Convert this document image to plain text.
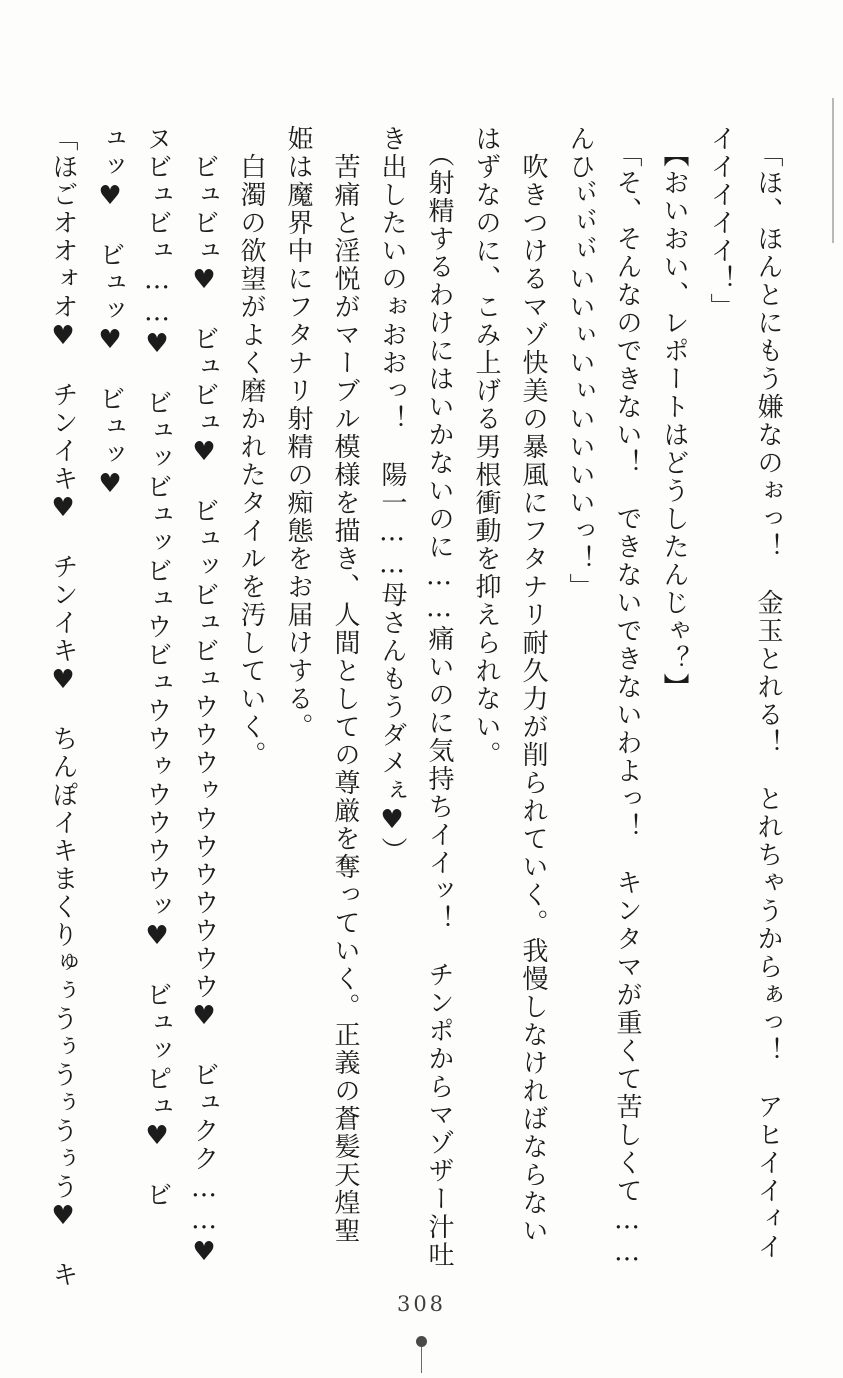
「ほ、ほんとにもう嫌なのぉっ！　金玉とれる！　とれちゃうからぁっ！　アヒイイィイ
イイイイイ！」
【おいおい、レポートはどうしたんじゃ？】
「そ、そんなのできない！　できないできないわよっ！　キンタマが重くて苦しくて……
んひぃ゙ぃ゙ぃ゙いいぃいぃいいいいっ！」
吹きつけるマゾ快美の暴風にフタナリ耐久力が削られていく。我慢しなければならない
はずなのに、こみ上げる男根衝動を抑えられない。
（射精するわけにはいかないのに……痛いのに気持ちイイッ！　チンポからマゾザー汁吐
き出したいのぉおおっ！　陽一……母さんもうダメぇ♥）
苦痛と淫悦がマーブル模様を描き、人間としての尊厳を奪っていく。正義の蒼髪天煌聖
姫は魔界中にフタナリ射精の痴態をお届けする。
白濁の欲望がよく磨かれたタイルを汚していく。
ビュビュ♥　ビュビュ♥　ビュッビュビュウウウゥウウウウウウウ♥　ビュクク……♥
ヌビュビュ……♥　ビュッビュッビュウビュウウゥウウウウッ♥　ビュッピュ♥　ビ
ュッ♥　ビュッ♥　ビュッ♥
「ほごオオォオ♥　チンイキ♥　チンイキ♥　ちんぽイキまくりゅぅうぅうぅうぅう♥　キ
308
